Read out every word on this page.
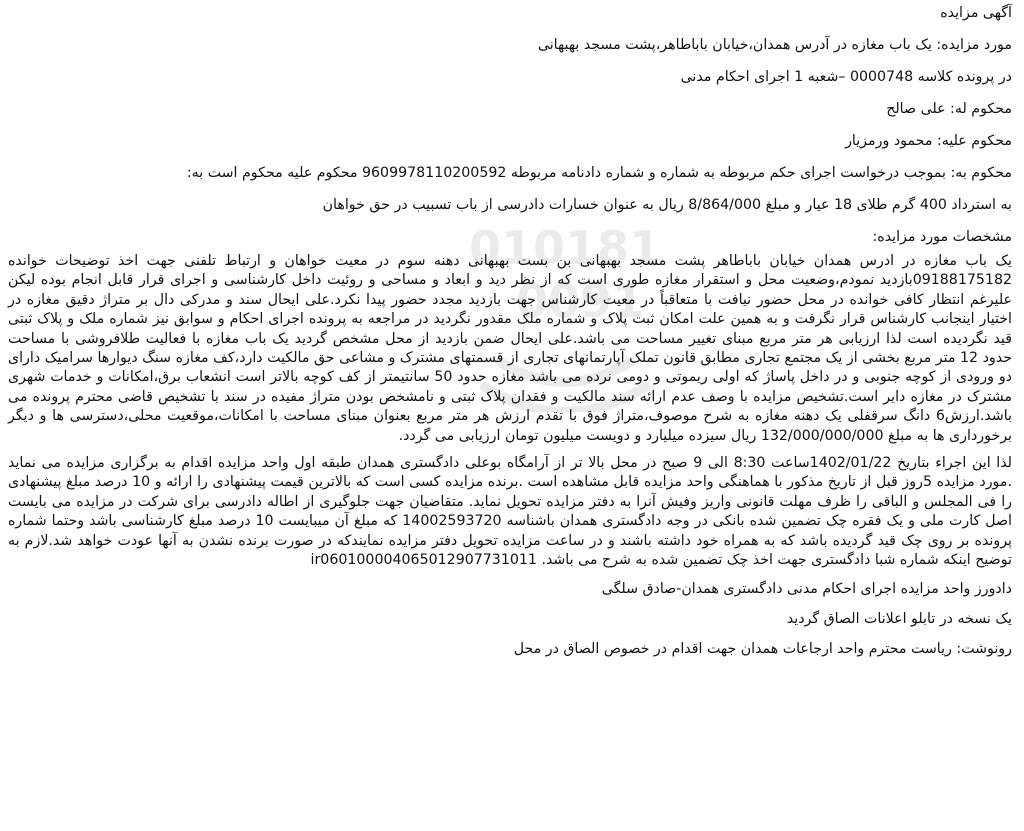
010181
0091

آگهی مزایده

مورد مزایده: یک باب مغازه در آدرس همدان،خیابان باباطاهر،پشت مسجد بهبهانی

در پرونده کلاسه 0000748 –شعبه 1 اجرای احکام مدنی

محکوم له: علی صالح

محکوم علیه: محمود ورمزیار

محکوم به: بموجب درخواست اجرای حکم مربوطه به شماره و شماره دادنامه مربوطه 9609978110200592 محکوم علیه محکوم است به:

به استرداد 400 گرم طلای 18 عیار و مبلغ 8/864/000 ریال به عنوان خسارات دادرسی از باب تسبیب در حق خواهان

مشخصات مورد مزایده:

یک باب مغازه در ادرس همدان خیابان باباطاهر پشت مسجد بهبهانی بن بست بهبهانی دهنه سوم در معیت خواهان و ارتباط تلفنی جهت اخذ توضیحات خوانده 09188175182بازدید نمودم،وضعیت محل و استقرار مغازه طوری است که از نظر دید و ابعاد و مساحی و روئیت داخل کارشناسی و اجرای قرار قابل انجام بوده لیکن علیرغم انتظار کافی خوانده در محل حضور نیافت با متعاقباً در معیت کارشناس جهت بازدید مجدد حضور پیدا نکرد.علی ایحال سند و مدرکی دال بر متراژ دقیق مغازه در اختیار اینجانب کارشناس قرار نگرفت و به همین علت امکان ثبت پلاک و شماره ملک مقدور نگردید در مراجعه به پرونده اجرای احکام و سوابق نیز شماره ملک و پلاک ثبتی قید نگردیده است لذا ارزیابی هر متر مربع مبنای تغییر مساحت می باشد.علی ایحال ضمن بازدید از محل مشخص گردید یک باب مغازه با فعالیت طلافروشی با مساحت حدود 12 متر مربع بخشی از یک مجتمع تجاری مطابق قانون تملک آپارتمانهای تجاری از قسمتهای مشترک و مشاعی حق مالکیت دارد،کف مغازه سنگ دیوارها سرامیک دارای دو ورودی از کوچه جنوبی و در داخل پاساژ که اولی ریموتی و دومی نرده می باشد مغازه حدود 50 سانتیمتر از کف کوچه بالاتر است انشعاب برق،امکانات و خدمات شهری مشترک در مغازه دایر است.تشخیص مزایده با وصف عدم ارائه سند مالکیت و فقدان پلاک ثبتی و نامشخص بودن متراژ مفیده در سند با تشخیص قاضی محترم پرونده می باشد.ارزش6 دانگ سرقفلی یک دهنه مغازه به شرح موصوف،متراژ فوق با تقدم ارزش هر متر مربع بعنوان مبنای مساحت با امکانات،موقعیت محلی،دسترسی ها و دیگر برخورداری ها به مبلغ 132/000/000/000 ریال سیزده میلیارد و دویست میلیون تومان ارزیابی می گردد.

لذا این اجراء بتاریخ 1402/01/22ساعت 8:30 الی 9 صبح در محل بالا تر از آرامگاه بوعلی دادگستری همدان طبقه اول واحد مزایده اقدام به برگزاری مزایده می نماید .مورد مزایده 5روز قبل از تاریخ مذکور با هماهنگی واحد مزایده قابل مشاهده است .برنده مزایده کسی است که بالاترین قیمت پیشنهادی را ارائه و 10 درصد مبلغ پیشنهادی را فی المجلس و الباقی را ظرف مهلت قانونی واریز وفیش آنرا به دفتر مزایده تحویل نماید. متقاضیان جهت جلوگیری از اطاله دادرسی برای شرکت در مزایده می بایست اصل کارت ملی و یک فقره چک تضمین شده بانکی در وجه دادگستری همدان باشناسه 14002593720 که مبلغ آن میبایست 10 درصد مبلغ کارشناسی باشد وحتما شماره پرونده بر روی چک قید گردیده باشد که به همراه خود داشته باشند و در ساعت مزایده تحویل دفتر مزایده نمایندکه در صورت برنده نشدن به آنها عودت خواهد شد.لازم به توضیح اینکه شماره شبا دادگستری جهت اخذ چک تضمین شده به شرح می باشد. ir060100004065012907731011

دادورز واحد مزایده اجرای احکام مدنی دادگستری همدان-صادق سلگی

یک نسخه در تابلو اعلانات الصاق گردید

رونوشت: ریاست محترم واحد ارجاعات همدان جهت اقدام در خصوص الصاق در محل
